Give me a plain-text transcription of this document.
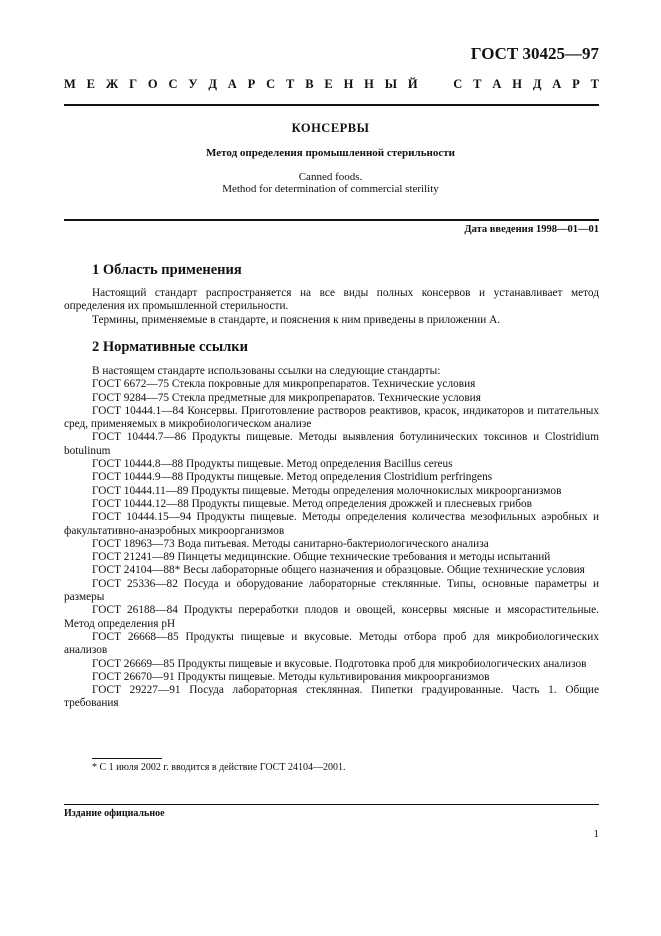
ГОСТ 30425—97
М Е Ж Г О С У Д А Р С Т В Е Н Н Ы Й	С Т А Н Д А Р Т
КОНСЕРВЫ
Метод определения промышленной стерильности
Canned foods.
Method for determination of commercial sterility
Дата введения 1998—01—01
1 Область применения

Настоящий стандарт распространяется на все виды полных консервов и устанавливает метод определения их промышленной стерильности.

Термины, применяемые в стандарте, и пояснения к ним приведены в приложении А.

2 Нормативные ссылки

В настоящем стандарте использованы ссылки на следующие стандарты:

ГОСТ 6672—75 Стекла покровные для микропрепаратов. Технические условия

ГОСТ 9284—75 Стекла предметные для микропрепаратов. Технические условия

ГОСТ 10444.1—84 Консервы. Приготовление растворов реактивов, красок, индикаторов и питательных сред, применяемых в микробиологическом анализе

ГОСТ 10444.7—86 Продукты пищевые. Методы выявления ботулинических токсинов и Clostridium botulinum

ГОСТ 10444.8—88 Продукты пищевые. Метод определения Bacillus cereus

ГОСТ 10444.9—88 Продукты пищевые. Метод определения Clostridium perfringens

ГОСТ 10444.11—89 Продукты пищевые. Методы определения молочнокислых микроорганизмов

ГОСТ 10444.12—88 Продукты пищевые. Метод определения дрожжей и плесневых грибов

ГОСТ 10444.15—94 Продукты пищевые. Методы определения количества мезофильных аэробных и факультативно-анаэробных микроорганизмов

ГОСТ 18963—73 Вода питьевая. Методы санитарно-бактериологического анализа

ГОСТ 21241—89 Пинцеты медицинские. Общие технические требования и методы испытаний

ГОСТ 24104—88* Весы лабораторные общего назначения и образцовые. Общие технические условия

ГОСТ 25336—82 Посуда и оборудование лабораторные стеклянные. Типы, основные параметры и размеры

ГОСТ 26188—84 Продукты переработки плодов и овощей, консервы мясные и мясорастительные. Метод определения pH

ГОСТ 26668—85 Продукты пищевые и вкусовые. Методы отбора проб для микробиологических анализов

ГОСТ 26669—85 Продукты пищевые и вкусовые. Подготовка проб для микробиологических анализов

ГОСТ 26670—91 Продукты пищевые. Методы культивирования микроорганизмов

ГОСТ 29227—91 Посуда лабораторная стеклянная. Пипетки градуированные. Часть 1. Общие требования

* С 1 июля 2002 г. вводится в действие ГОСТ 24104—2001.
Издание официальное
1
